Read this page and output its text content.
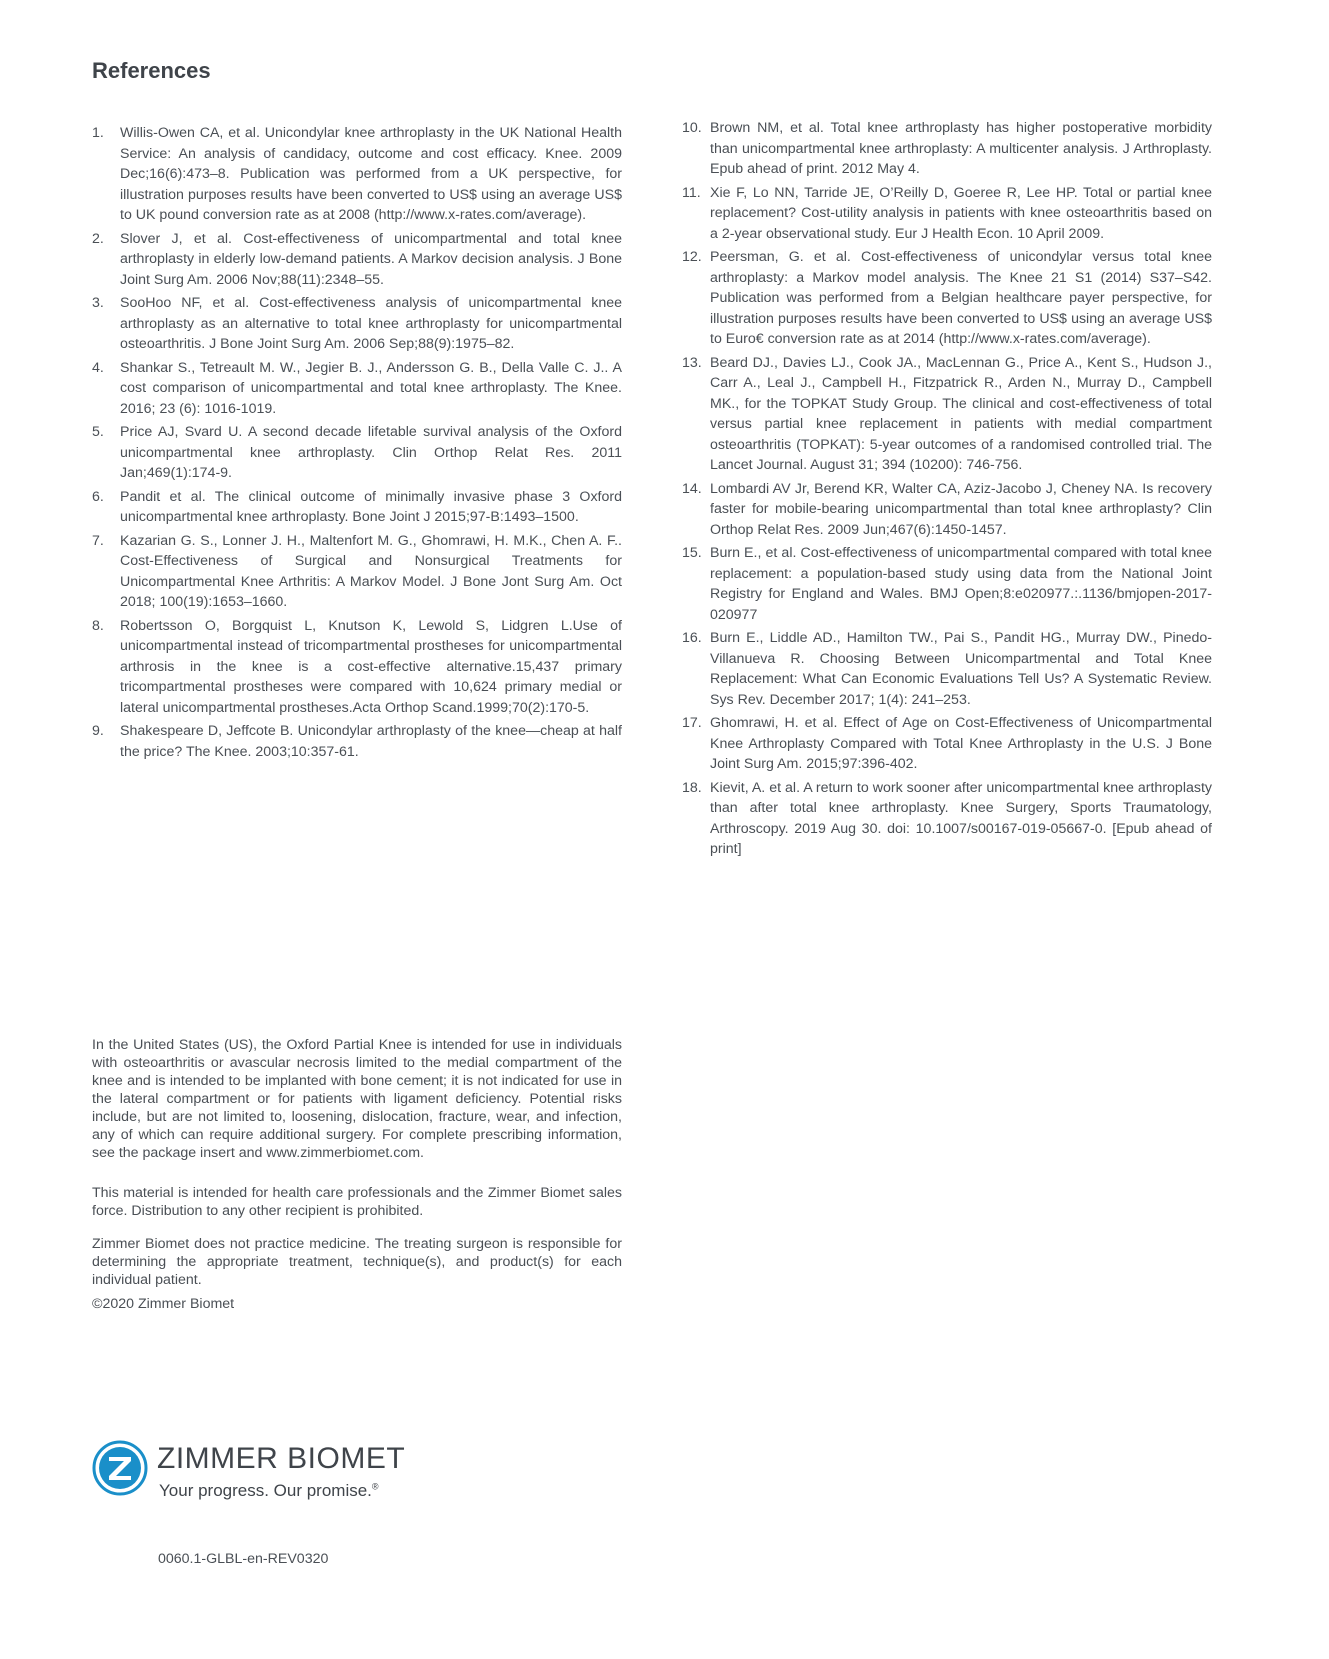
References
1.	Willis-Owen CA, et al. Unicondylar knee arthroplasty in the UK National Health Service: An analysis of candidacy, outcome and cost efficacy. Knee. 2009 Dec;16(6):473–8. Publication was performed from a UK perspective, for illustration purposes results have been converted to US$ using an average US$ to UK pound conversion rate as at 2008 (http://www.x-rates.com/average).
2.	Slover J, et al. Cost-effectiveness of unicompartmental and total knee arthroplasty in elderly low-demand patients. A Markov decision analysis. J Bone Joint Surg Am. 2006 Nov;88(11):2348–55.
3.	SooHoo NF, et al. Cost-effectiveness analysis of unicompartmental knee arthroplasty as an alternative to total knee arthroplasty for unicompartmental osteoarthritis. J Bone Joint Surg Am. 2006 Sep;88(9):1975–82.
4.	Shankar S., Tetreault M. W., Jegier B. J., Andersson G. B., Della Valle C. J.. A cost comparison of unicompartmental and total knee arthroplasty. The Knee. 2016; 23 (6): 1016-1019.
5.	Price AJ, Svard U. A second decade lifetable survival analysis of the Oxford unicompartmental knee arthroplasty. Clin Orthop Relat Res. 2011 Jan;469(1):174-9.
6.	Pandit et al. The clinical outcome of minimally invasive phase 3 Oxford unicompartmental knee arthroplasty. Bone Joint J 2015;97-B:1493–1500.
7.	Kazarian G. S., Lonner J. H., Maltenfort M. G., Ghomrawi, H. M.K., Chen A. F.. Cost-Effectiveness of Surgical and Nonsurgical Treatments for Unicompartmental Knee Arthritis: A Markov Model. J Bone Jont Surg Am. Oct 2018; 100(19):1653–1660.
8.	Robertsson O, Borgquist L, Knutson K, Lewold S, Lidgren L.Use of unicompartmental instead of tricompartmental prostheses for unicompartmental arthrosis in the knee is a cost-effective alternative.15,437 primary tricompartmental prostheses were compared with 10,624 primary medial or lateral unicompartmental prostheses.Acta Orthop Scand.1999;70(2):170-5.
9.	Shakespeare D, Jeffcote B. Unicondylar arthroplasty of the knee—cheap at half the price? The Knee. 2003;10:357-61.
10. Brown NM, et al. Total knee arthroplasty has higher postoperative morbidity than unicompartmental knee arthroplasty: A multicenter analysis. J Arthroplasty. Epub ahead of print. 2012 May 4.
11. Xie F, Lo NN, Tarride JE, O’Reilly D, Goeree R, Lee HP. Total or partial knee replacement? Cost-utility analysis in patients with knee osteoarthritis based on a 2-year observational study. Eur J Health Econ. 10 April 2009.
12. Peersman, G. et al. Cost-effectiveness of unicondylar versus total knee arthroplasty: a Markov model analysis. The Knee 21 S1 (2014) S37–S42. Publication was performed from a Belgian healthcare payer perspective, for illustration purposes results have been converted to US$ using an average US$ to Euro€ conversion rate as at 2014 (http://www.x-rates.com/average).
13. Beard DJ., Davies LJ., Cook JA., MacLennan G., Price A., Kent S., Hudson J., Carr A., Leal J., Campbell H., Fitzpatrick R., Arden N., Murray D., Campbell MK., for the TOPKAT Study Group. The clinical and cost-effectiveness of total versus partial knee replacement in patients with medial compartment osteoarthritis (TOPKAT): 5-year outcomes of a randomised controlled trial. The Lancet Journal. August 31; 394 (10200): 746-756.
14. Lombardi AV Jr, Berend KR, Walter CA, Aziz-Jacobo J, Cheney NA. Is recovery faster for mobile-bearing unicompartmental than total knee arthroplasty? Clin Orthop Relat Res. 2009 Jun;467(6):1450-1457.
15. Burn E., et al. Cost-effectiveness of unicompartmental compared with total knee replacement: a population-based study using data from the National Joint Registry for England and Wales. BMJ Open;8:e020977.:.1136/bmjopen-2017-020977
16. Burn E., Liddle AD., Hamilton TW., Pai S., Pandit HG., Murray DW., Pinedo-Villanueva R. Choosing Between Unicompartmental and Total Knee Replacement: What Can Economic Evaluations Tell Us? A Systematic Review. Sys Rev. December 2017; 1(4): 241–253.
17. Ghomrawi, H. et al. Effect of Age on Cost-Effectiveness of Unicompartmental Knee Arthroplasty Compared with Total Knee Arthroplasty in the U.S. J Bone Joint Surg Am. 2015;97:396-402.
18. Kievit, A. et al. A return to work sooner after unicompartmental knee arthroplasty than after total knee arthroplasty. Knee Surgery, Sports Traumatology, Arthroscopy. 2019 Aug 30. doi: 10.1007/s00167-019-05667-0. [Epub ahead of print]

In the United States (US), the Oxford Partial Knee is intended for use in individuals with osteoarthritis or avascular necrosis limited to the medial compartment of the knee and is intended to be implanted with bone cement; it is not indicated for use in the lateral compartment or for patients with ligament deficiency. Potential risks include, but are not limited to, loosening, dislocation, fracture, wear, and infection, any of which can require additional surgery. For complete prescribing information, see the package insert and www.zimmerbiomet.com.

This material is intended for health care professionals and the Zimmer Biomet sales force. Distribution to any other recipient is prohibited.

Zimmer Biomet does not practice medicine. The treating surgeon is responsible for determining the appropriate treatment, technique(s), and product(s) for each individual patient.

©2020 Zimmer Biomet

ZIMMER BIOMET
Your progress. Our promise.®
0060.1-GLBL-en-REV0320
